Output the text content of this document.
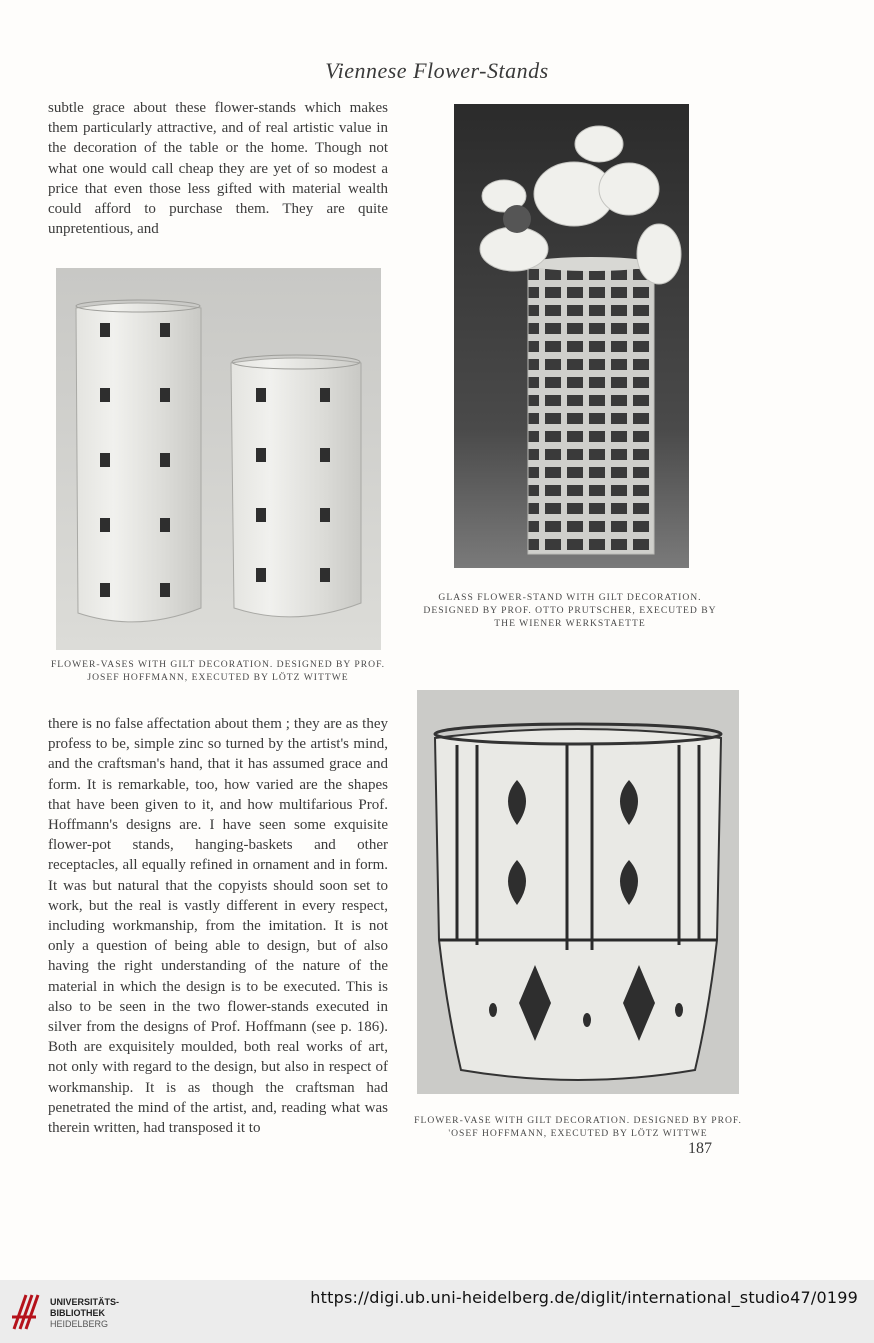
Viennese Flower-Stands
subtle grace about these flower-stands which makes them particularly attractive, and of real artistic value in the decoration of the table or the home. Though not what one would call cheap they are yet of so modest a price that even those less gifted with material wealth could afford to purchase them. They are quite unpretentious, and
FLOWER-VASES WITH GILT DECORATION. DESIGNED BY PROF. JOSEF HOFFMANN, EXECUTED BY LÖTZ WITTWE
GLASS FLOWER-STAND WITH GILT DECORATION. DESIGNED BY PROF. OTTO PRUTSCHER, EXECUTED BY THE WIENER WERKSTAETTE
there is no false affectation about them ; they are as they profess to be, simple zinc so turned by the artist's mind, and the craftsman's hand, that it has assumed grace and form. It is remarkable, too, how varied are the shapes that have been given to it, and how multifarious Prof. Hoffmann's designs are. I have seen some exquisite flower-pot stands, hanging-baskets and other receptacles, all equally refined in ornament and in form. It was but natural that the copyists should soon set to work, but the real is vastly different in every respect, including workmanship, from the imitation. It is not only a question of being able to design, but of also having the right understanding of the nature of the material in which the design is to be executed. This is also to be seen in the two flower-stands executed in silver from the designs of Prof. Hoffmann (see p. 186). Both are exquisitely moulded, both real works of art, not only with regard to the design, but also in respect of workmanship. It is as though the craftsman had penetrated the mind of the artist, and, reading what was therein written, had transposed it to	FLOWER-VASE WITH GILT DECORATION. DESIGNED BY PROF. 'OSEF HOFFMANN, EXECUTED BY LÖTZ WITTWE
187
UNIVERSITÄTS-
BIBLIOTHEK
HEIDELBERG
https://digi.ub.uni-heidelberg.de/diglit/international_studio47/0199
